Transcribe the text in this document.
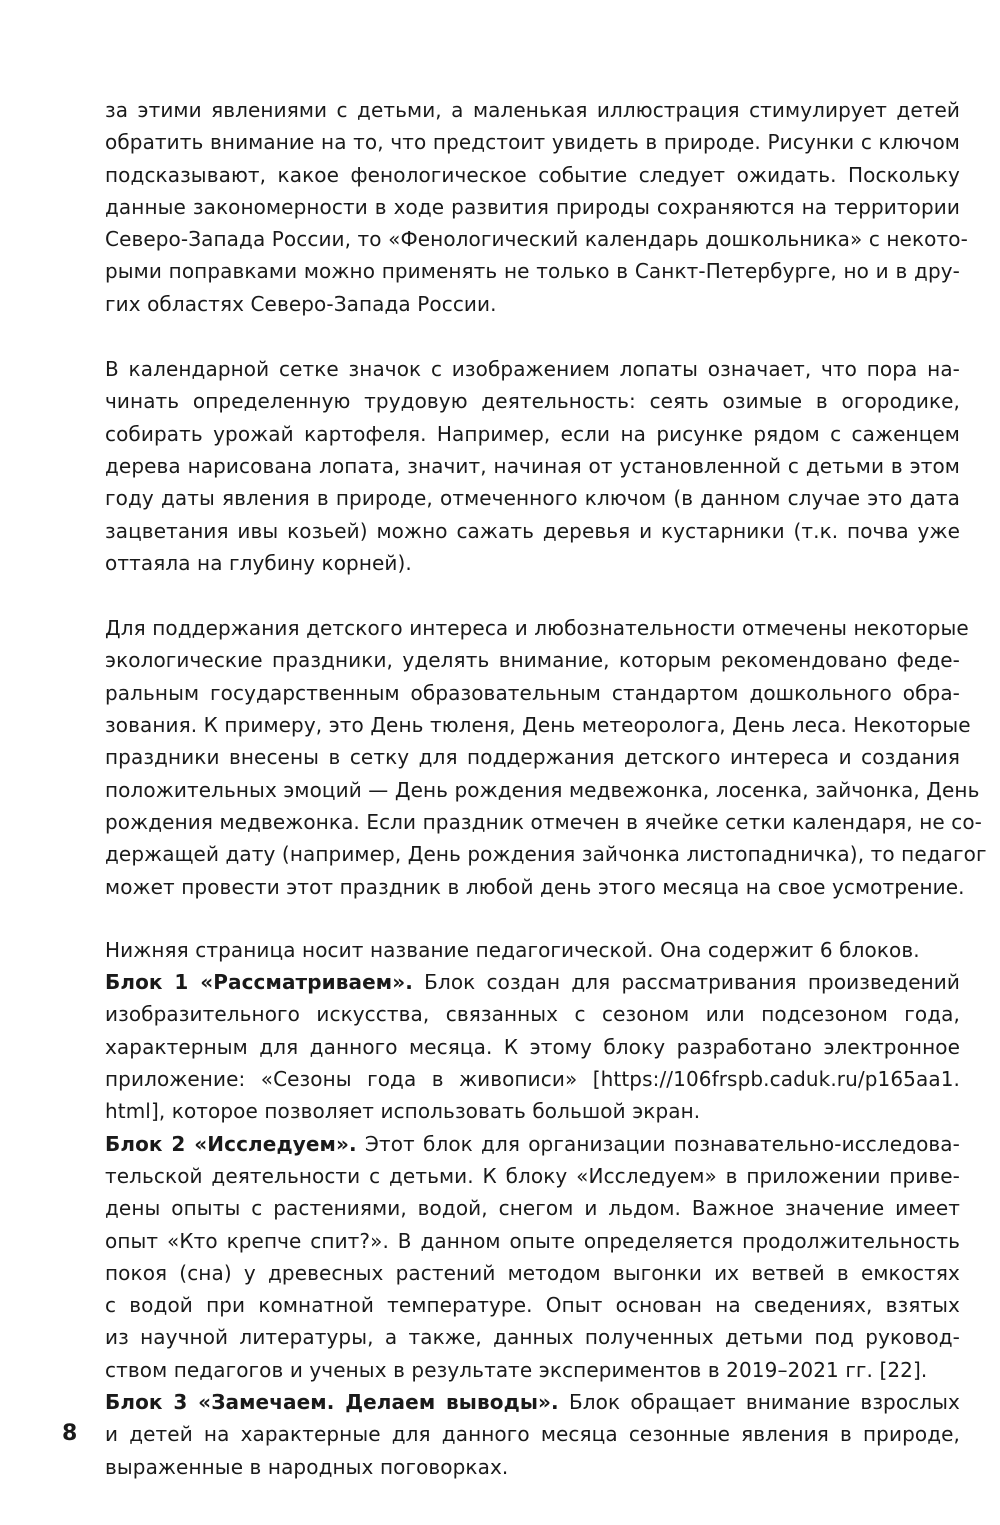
8
за этими явлениями с детьми, а маленькая иллюстрация стимулирует детей
обратить внимание на то, что предстоит увидеть в природе. Рисунки с ключом
подсказывают, какое фенологическое событие следует ожидать. Поскольку
данные закономерности в ходе развития природы сохраняются на территории
Северо-Запада России, то «Фенологический календарь дошкольника» с некото-
рыми поправками можно применять не только в Санкт-Петербурге, но и в дру-
гих областях Северо-Запада России.
В календарной сетке значок с изображением лопаты означает, что пора на-
чинать определенную трудовую деятельность: сеять озимые в огородике,
собирать урожай картофеля. Например, если на рисунке рядом с саженцем
дерева нарисована лопата, значит, начиная от установленной с детьми в этом
году даты явления в природе, отмеченного ключом (в данном случае это дата
зацветания ивы козьей) можно сажать деревья и кустарники (т.к. почва уже
оттаяла на глубину корней).
Для поддержания детского интереса и любознательности отмечены некоторые
экологические праздники, уделять внимание, которым рекомендовано феде-
ральным государственным образовательным стандартом дошкольного обра-
зования. К примеру, это День тюленя, День метеоролога, День леса. Некоторые
праздники внесены в сетку для поддержания детского интереса и создания
положительных эмоций — День рождения медвежонка, лосенка, зайчонка, День
рождения медвежонка. Если праздник отмечен в ячейке сетки календаря, не со-
держащей дату (например, День рождения зайчонка листопадничка), то педагог
может провести этот праздник в любой день этого месяца на свое усмотрение.
Нижняя страница носит название педагогической. Она содержит 6 блоков.
Блок 1 «Рассматриваем». Блок создан для рассматривания произведений
изобразительного искусства, связанных с сезоном или подсезоном года,
характерным для данного месяца. К этому блоку разработано электронное
приложение: «Сезоны года в живописи» [https://106frspb.caduk.ru/p165aa1.
html], которое позволяет использовать большой экран.
Блок 2 «Исследуем». Этот блок для организации познавательно-исследова-
тельской деятельности с детьми. К блоку «Исследуем» в приложении приве-
дены опыты с растениями, водой, снегом и льдом. Важное значение имеет
опыт «Кто крепче спит?». В данном опыте определяется продолжительность
покоя (сна) у древесных растений методом выгонки их ветвей в емкостях
с водой при комнатной температуре. Опыт основан на сведениях, взятых
из научной литературы, а также, данных полученных детьми под руковод-
ством педагогов и ученых в результате экспериментов в 2019–2021 гг. [22].
Блок 3 «Замечаем. Делаем выводы». Блок обращает внимание взрослых
и детей на характерные для данного месяца сезонные явления в природе,
выраженные в народных поговорках.
